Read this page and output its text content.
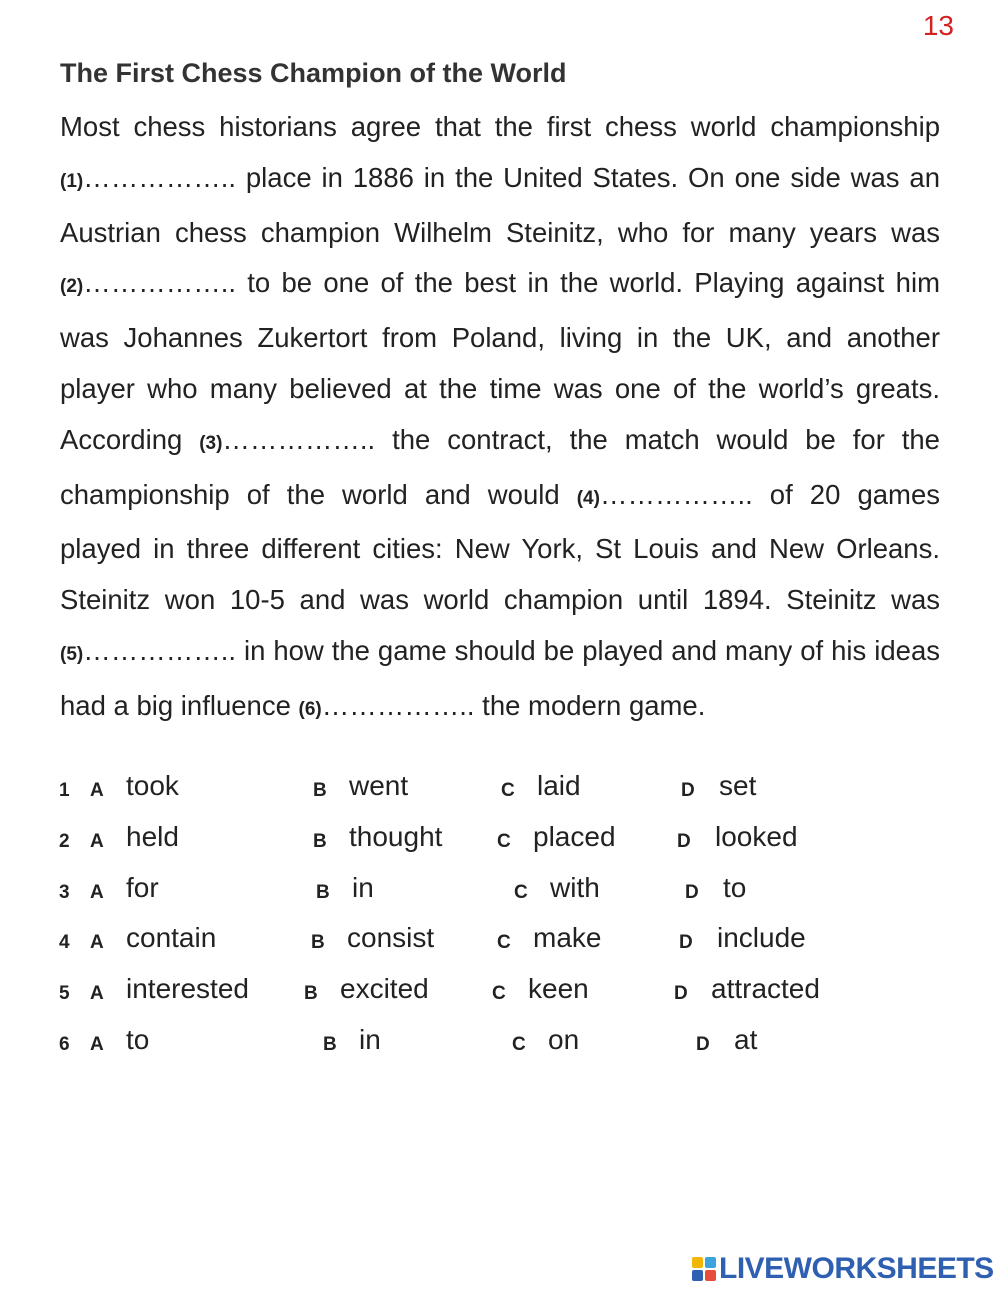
13
The First Chess Champion of the World

Most chess historians agree that the first chess world championship (1)…………….. place in 1886 in the United States. On one side was an Austrian chess champion Wilhelm Steinitz, who for many years was (2)…………….. to be one of the best in the world. Playing against him was Johannes Zukertort from Poland, living in the UK, and another player who many believed at the time was one of the world’s greats. According (3)…………….. the contract, the match would be for the championship of the world and would (4)…………….. of 20 games played in three different cities: New York, St Louis and New Orleans. Steinitz won 10-5 and was world champion until 1894. Steinitz was (5)…………….. in how the game should be played and many of his ideas had a big influence (6)…………….. the modern game.

1 A took	B went	C laid	D set
2 A held	B thought	C placed	D looked
3 A for	B in	C with	D to
4 A contain	B consist	C make	D include
5 A interested	B excited	C keen	D attracted
6 A to	B in	C on	D at
LIVEWORKSHEETS
